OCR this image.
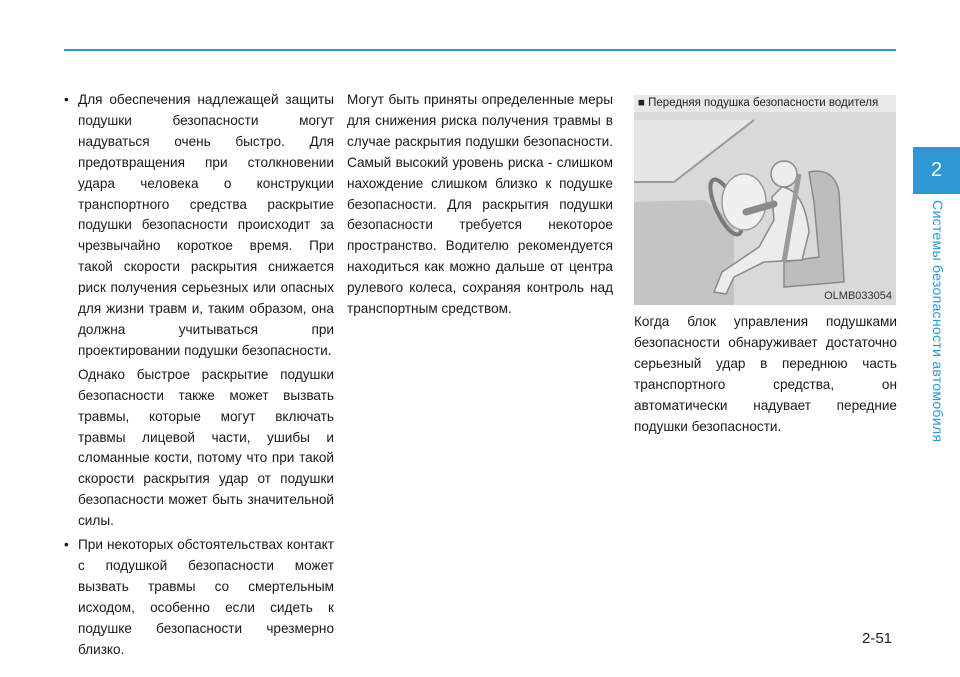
• Для обеспечения надлежащей защиты подушки безопасности могут надуваться очень быстро. Для предотвращения при столкновении удара человека о конструкции транспортного средства раскрытие подушки безопасности происходит за чрезвычайно короткое время. При такой скорости раскрытия снижается риск получения серьезных или опасных для жизни травм и, таким образом, она должна учитываться при проектировании подушки безопасности.

Однако быстрое раскрытие подушки безопасности также может вызвать травмы, которые могут включать травмы лицевой части, ушибы и сломанные кости, потому что при такой скорости раскрытия удар от подушки безопасности может быть значительной силы.

• При некоторых обстоятельствах контакт с подушкой безопасности может вызвать травмы со смертельным исходом, особенно если сидеть к подушке безопасности чрезмерно близко.

Могут быть приняты определенные меры для снижения риска получения травмы в случае раскрытия подушки безопасности. Самый высокий уровень риска - слишком нахождение слишком близко к подушке безопасности. Для раскрытия подушки безопасности требуется некоторое пространство. Водителю рекомендуется находиться как можно дальше от центра рулевого колеса, сохраняя контроль над транспортным средством.

■ Передняя подушка безопасности водителя
OLMB033054

Когда блок управления подушками безопасности обнаруживает достаточно серьезный удар в переднюю часть транспортного средства, он автоматически надувает передние подушки безопасности.

2
Системы безопасности автомобиля
2-51
